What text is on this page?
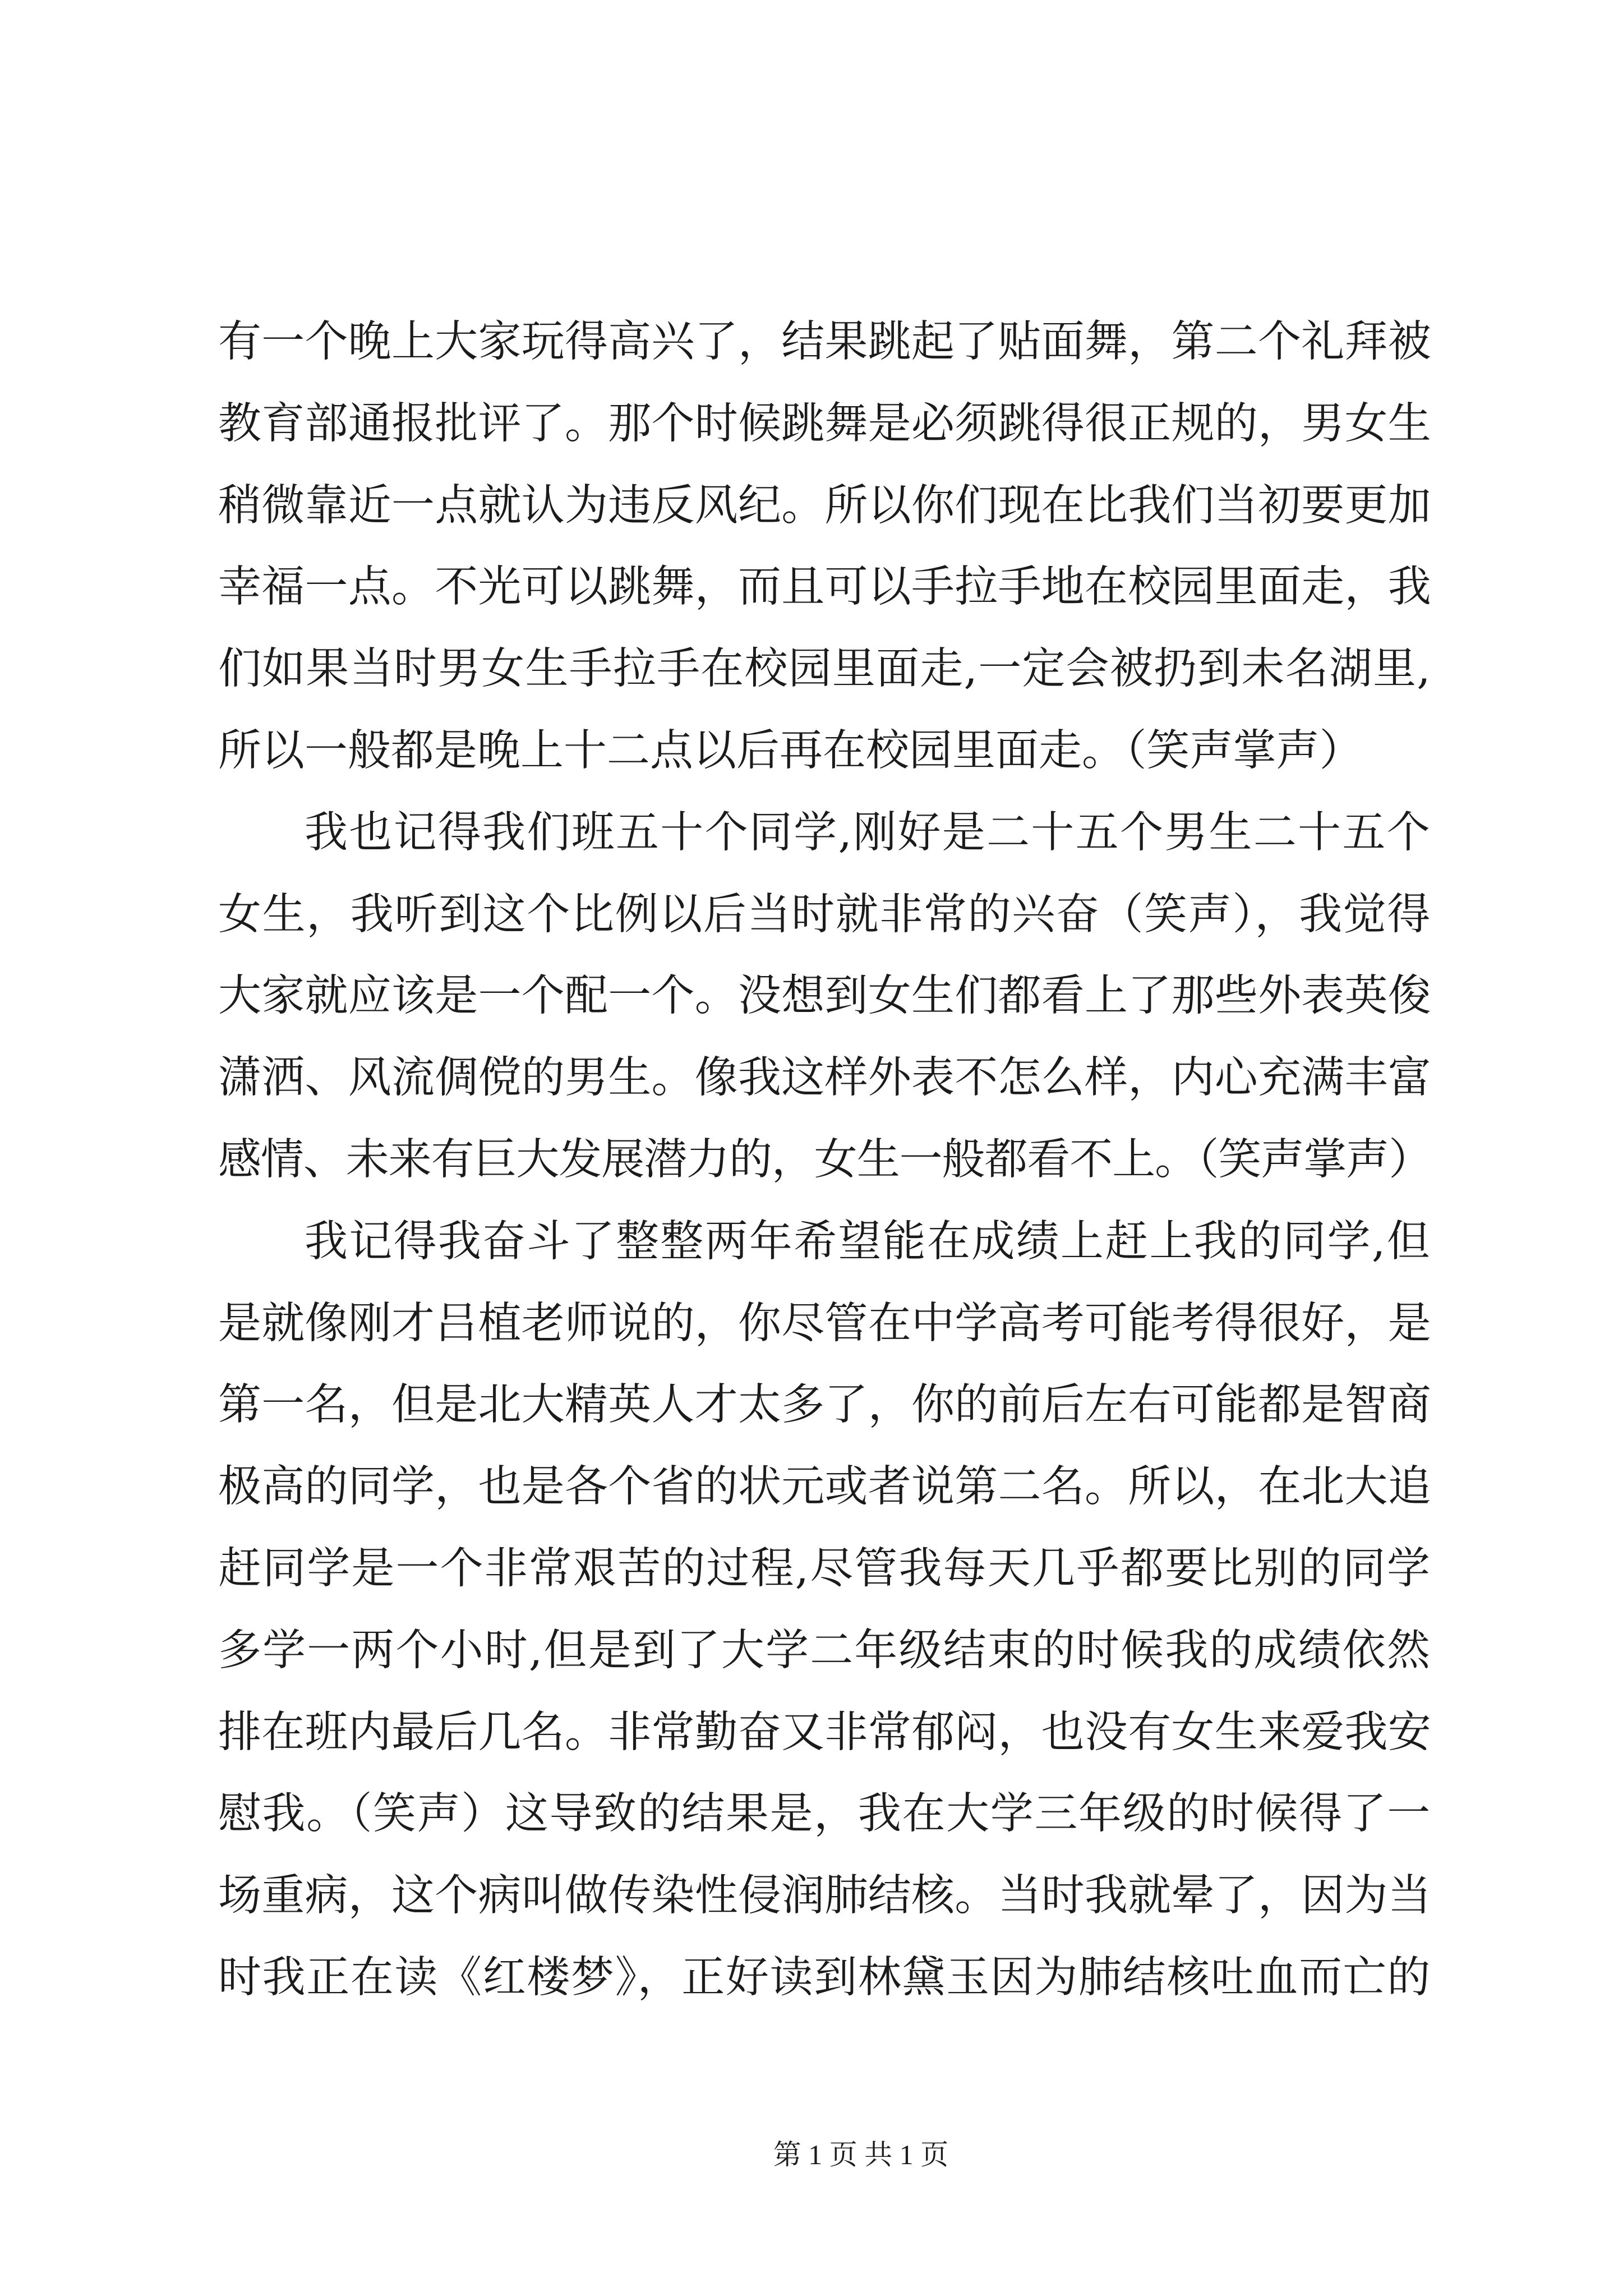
有一个晚上大家玩得高兴了，结果跳起了贴面舞，第二个礼拜被
教育部通报批评了。那个时候跳舞是必须跳得很正规的，男女生
稍微靠近一点就认为违反风纪。所以你们现在比我们当初要更加
幸福一点。不光可以跳舞，而且可以手拉手地在校园里面走，我
们如果当时男女生手拉手在校园里面走,一定会被扔到未名湖里,
所以一般都是晚上十二点以后再在校园里面走。（笑声掌声）
我也记得我们班五十个同学,刚好是二十五个男生二十五个
女生，我听到这个比例以后当时就非常的兴奋（笑声），我觉得
大家就应该是一个配一个。没想到女生们都看上了那些外表英俊
潇洒、风流倜傥的男生。像我这样外表不怎么样，内心充满丰富
感情、未来有巨大发展潜力的，女生一般都看不上。（笑声掌声）
我记得我奋斗了整整两年希望能在成绩上赶上我的同学,但
是就像刚才吕植老师说的，你尽管在中学高考可能考得很好，是
第一名，但是北大精英人才太多了，你的前后左右可能都是智商
极高的同学，也是各个省的状元或者说第二名。所以，在北大追
赶同学是一个非常艰苦的过程,尽管我每天几乎都要比别的同学
多学一两个小时,但是到了大学二年级结束的时候我的成绩依然
排在班内最后几名。非常勤奋又非常郁闷，也没有女生来爱我安
慰我。（笑声）这导致的结果是，我在大学三年级的时候得了一
场重病，这个病叫做传染性侵润肺结核。当时我就晕了，因为当
时我正在读《红楼梦》，正好读到林黛玉因为肺结核吐血而亡的
第 1 页 共 1 页
